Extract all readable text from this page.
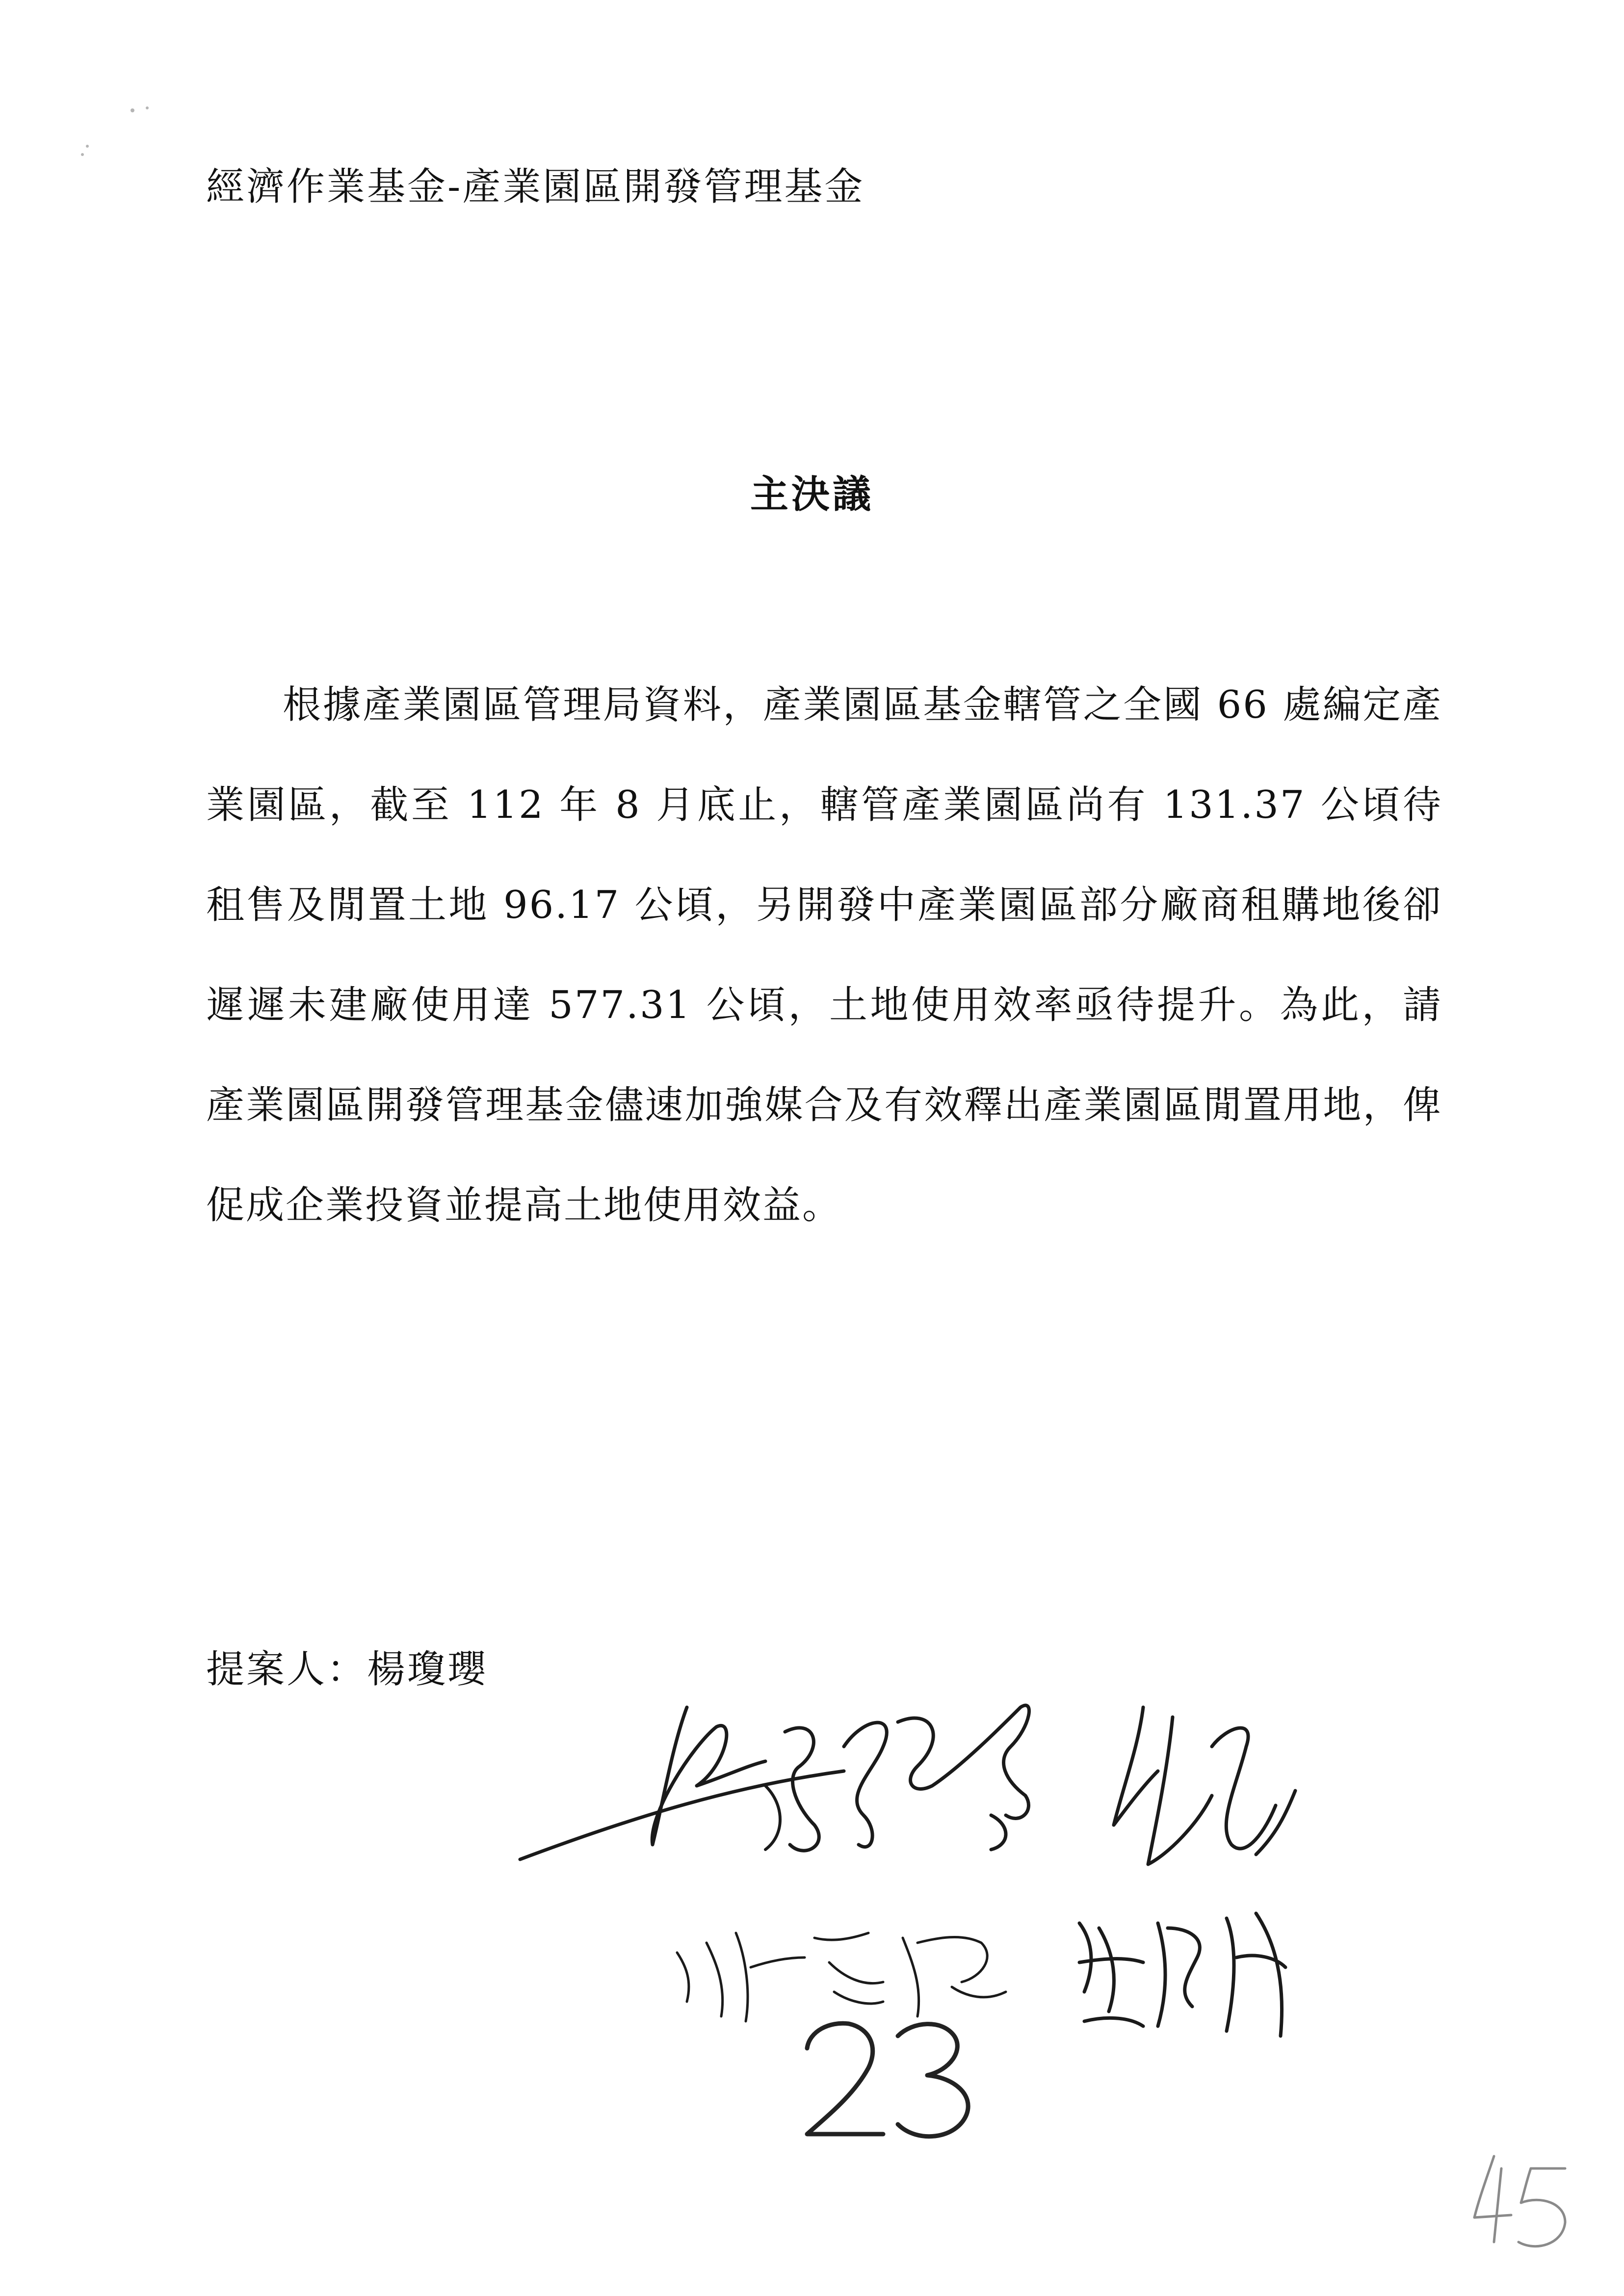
經濟作業基金-產業園區開發管理基金
主決議

根據產業園區管理局資料，產業園區基金轄管之全國 66 處編定產業園區，截至 112 年 8 月底止，轄管產業園區尚有 131.37 公頃待租售及閒置土地 96.17 公頃，另開發中產業園區部分廠商租購地後卻遲遲未建廠使用達 577.31 公頃，土地使用效率亟待提升。為此，請產業園區開發管理基金儘速加強媒合及有效釋出產業園區閒置用地，俾促成企業投資並提高土地使用效益。

提案人：楊瓊瓔
